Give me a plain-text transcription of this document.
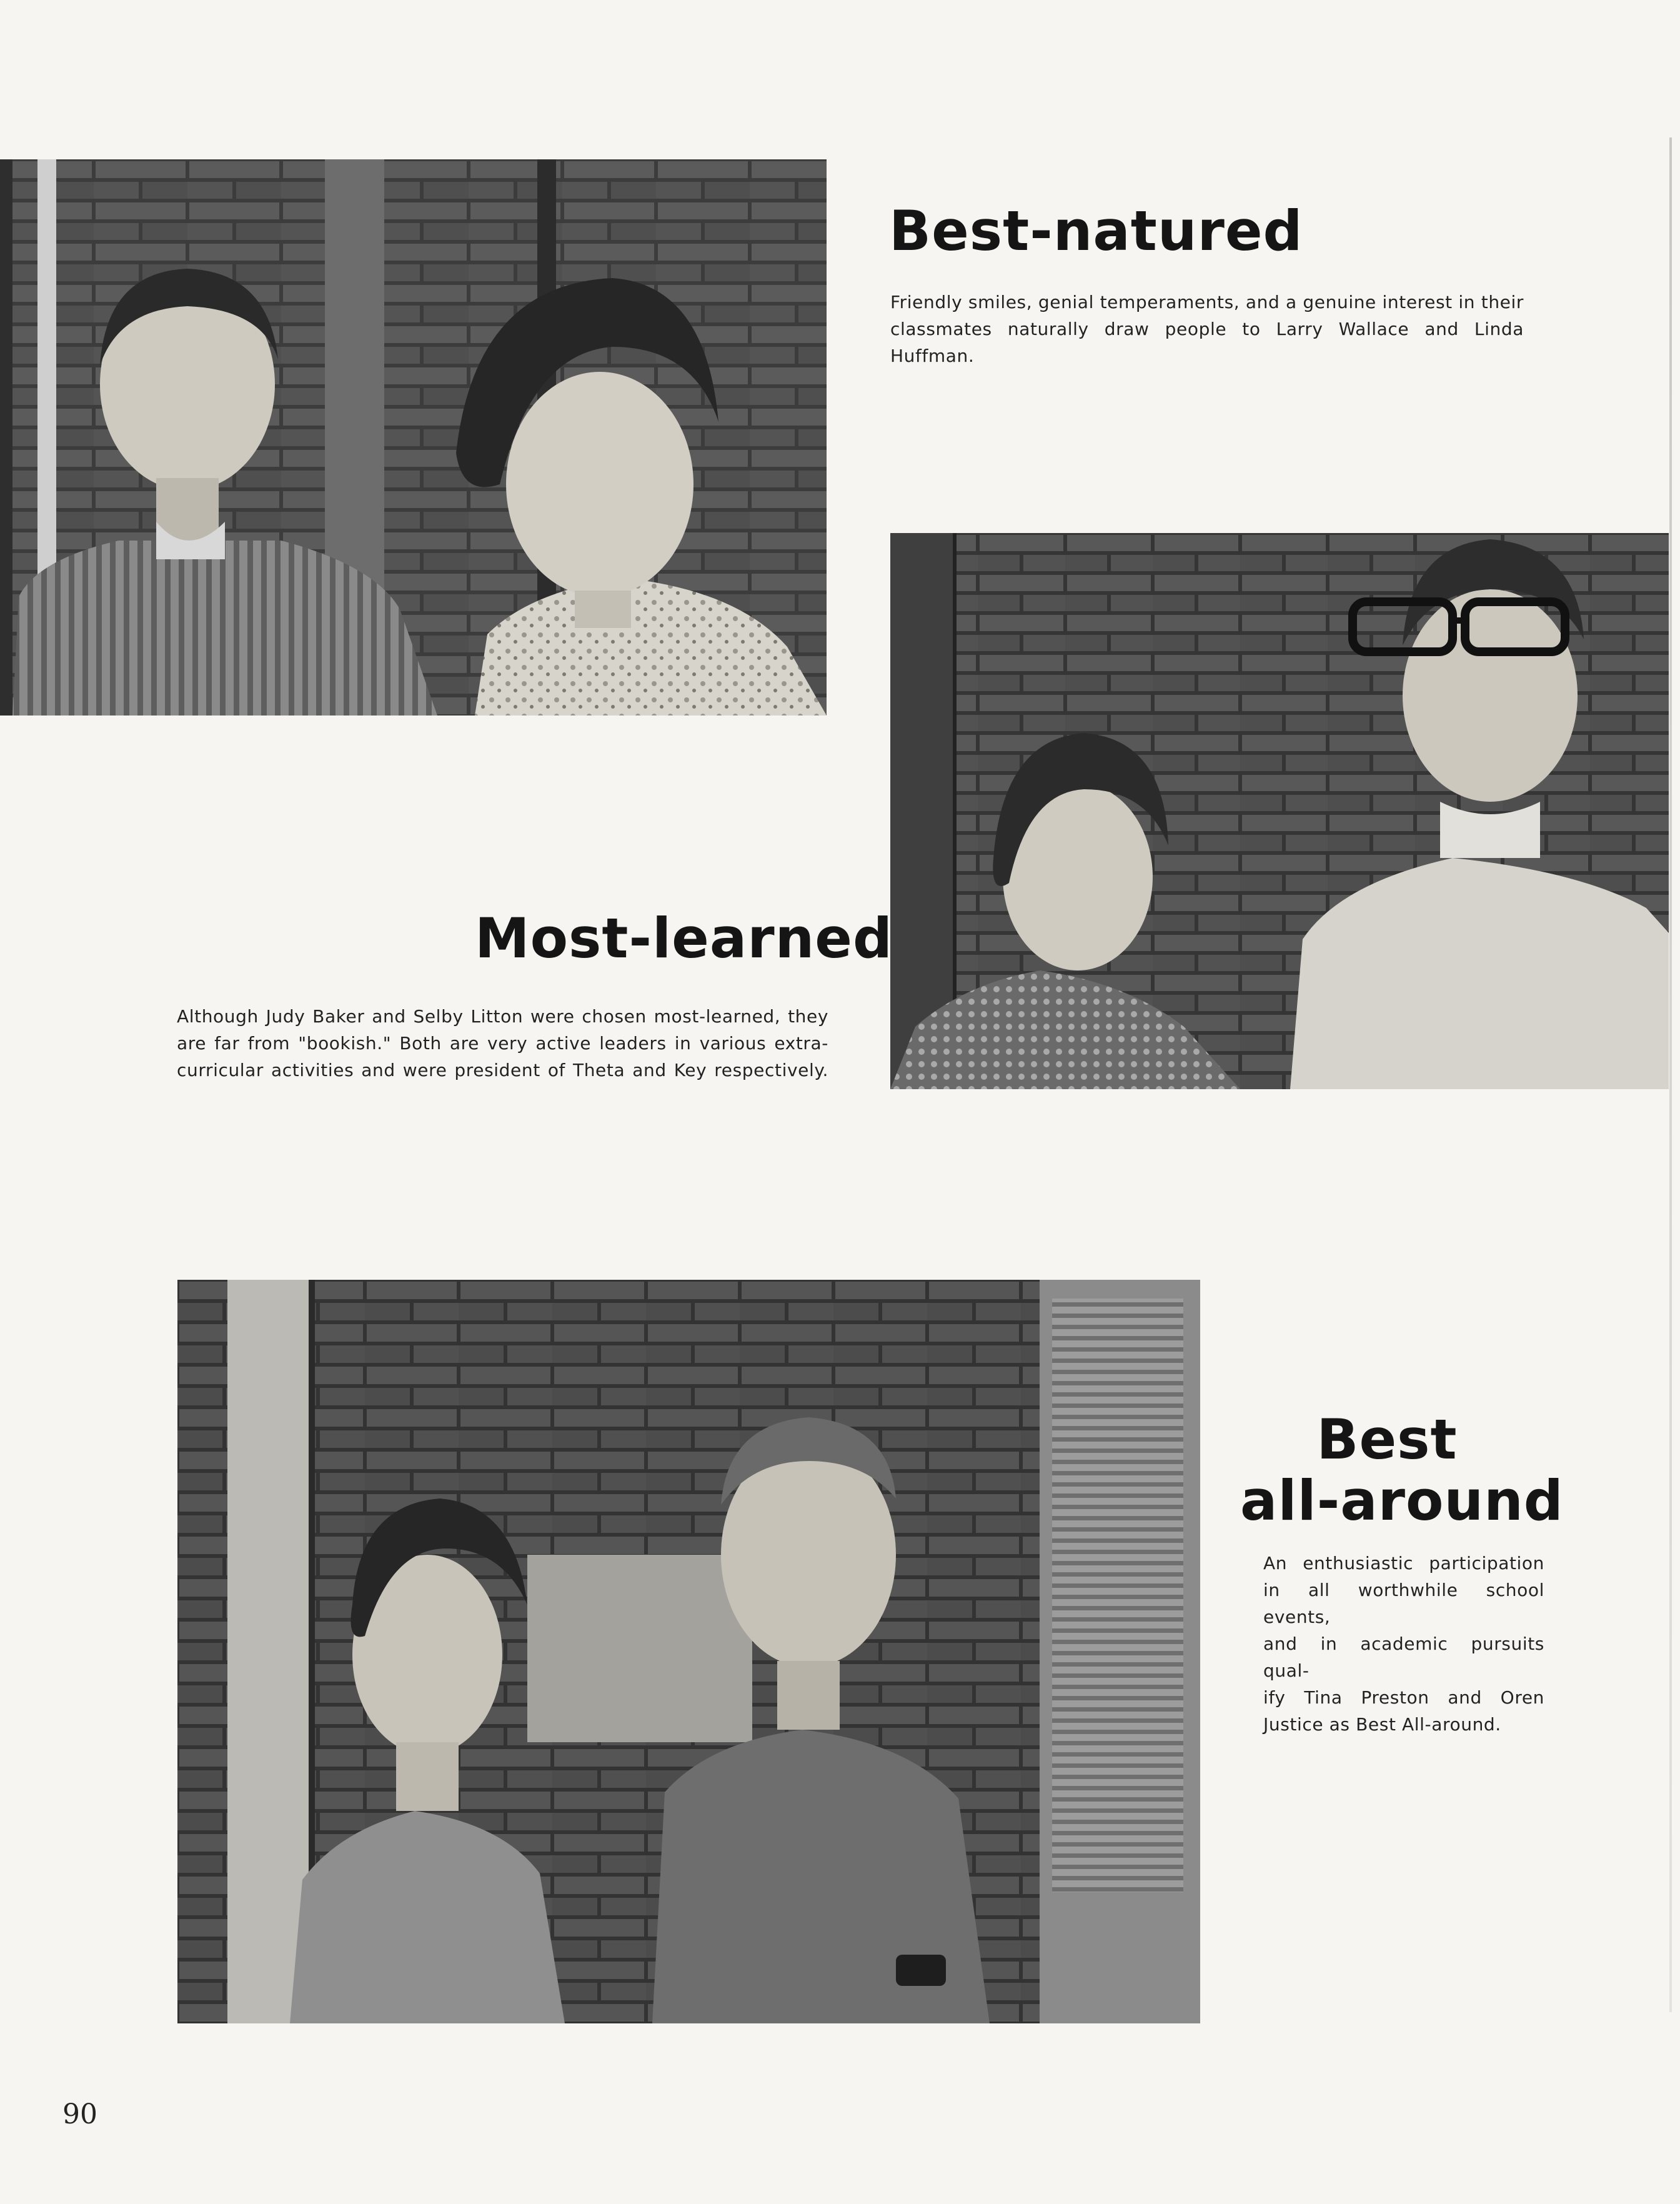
Best-natured

Friendly smiles, genial temperaments, and a genuine interest in their
classmates naturally draw people to Larry Wallace and Linda Huffman.

Most-learned

Although Judy Baker and Selby Litton were chosen most-learned, they
are far from "bookish." Both are very active leaders in various extra-
curricular activities and were president of Theta and Key respectively.

Best
all-around

An enthusiastic participation
in all worthwhile school events,
and in academic pursuits qual-
ify Tina Preston and Oren
Justice as Best All-around.

90
